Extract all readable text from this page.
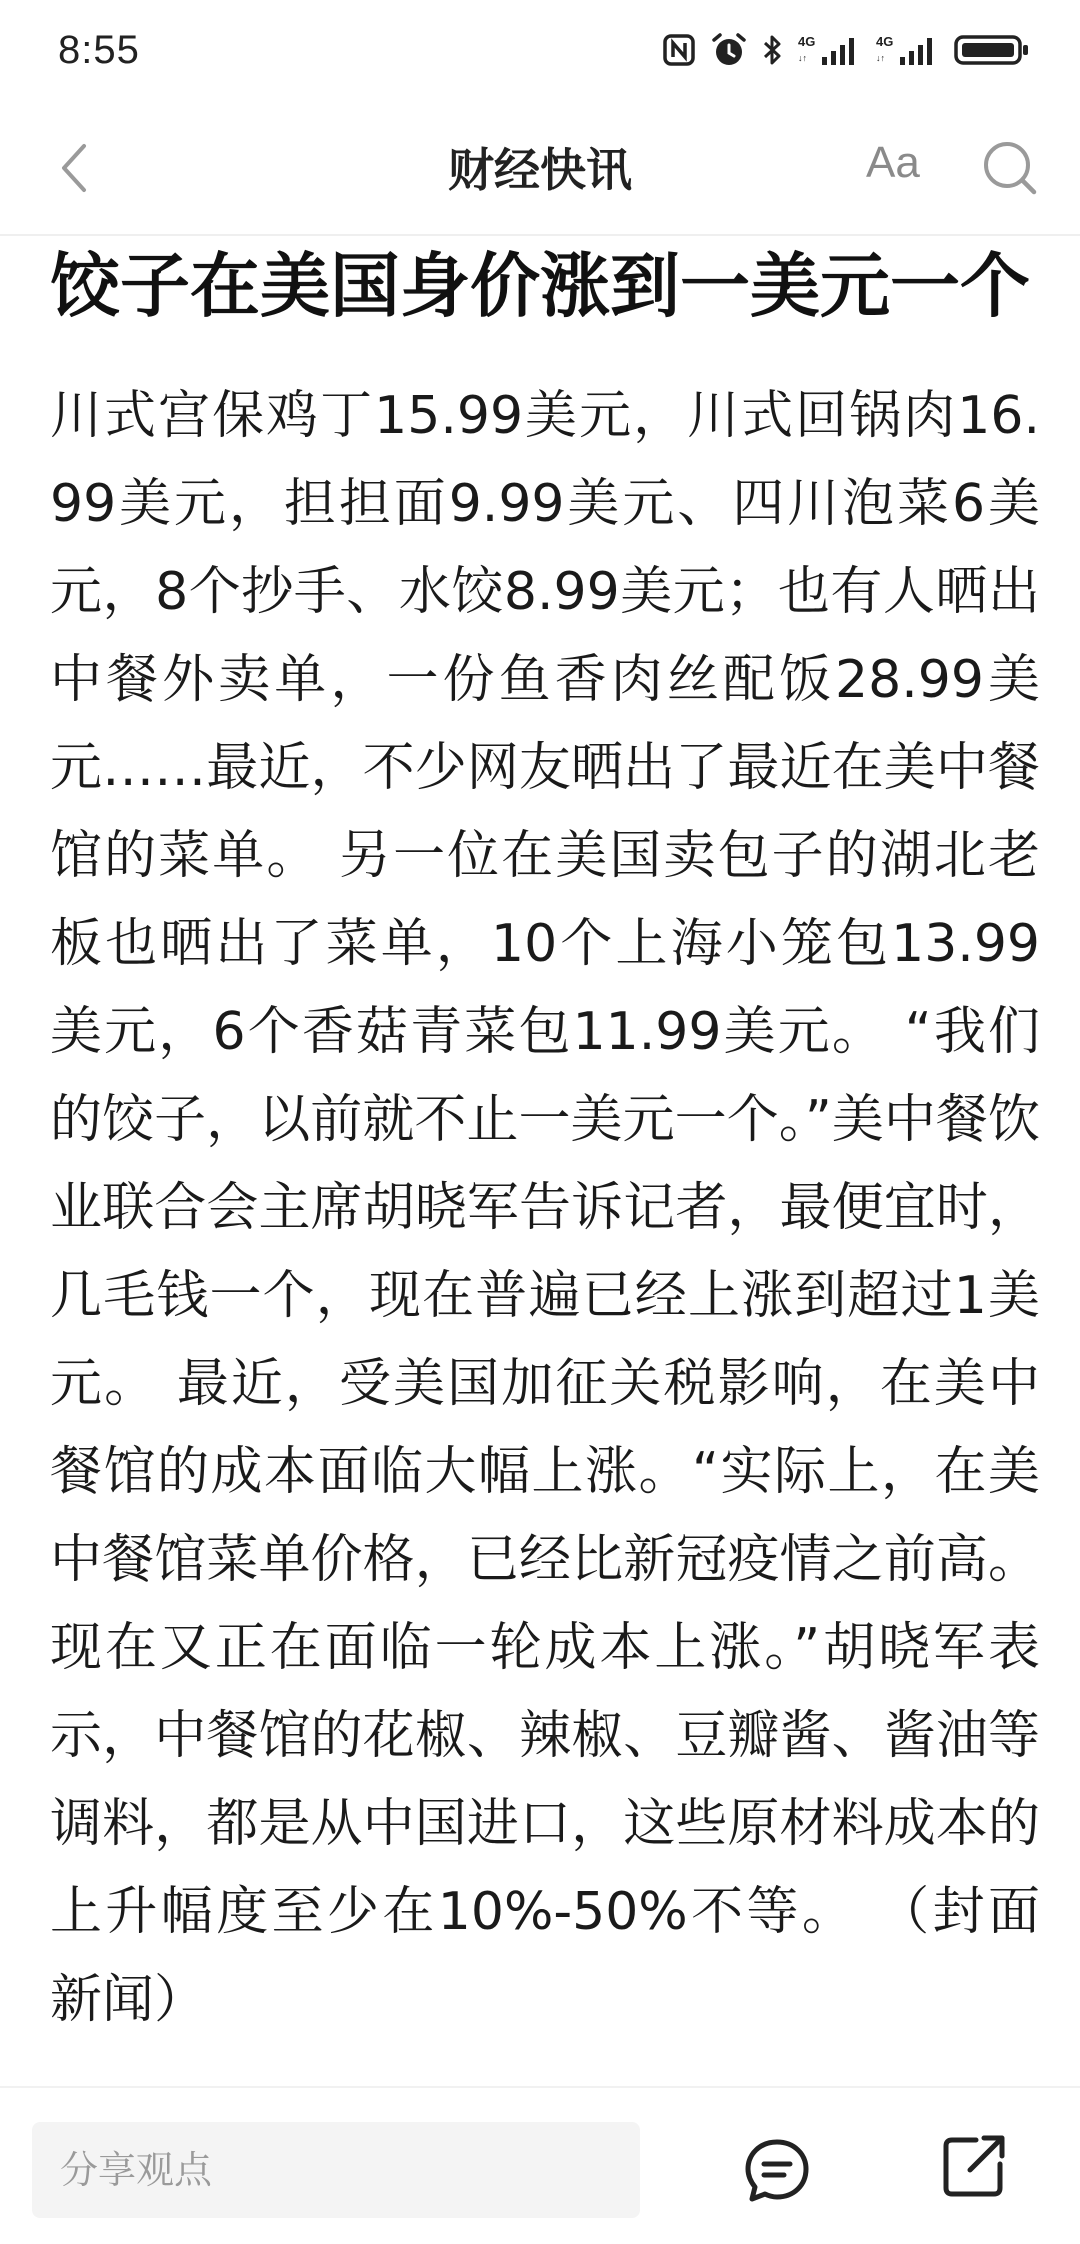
8:55	4G
↓↑
4G
↓↑
财经快讯	Aa
饺子在美国身价涨到一美元一个

川式宫保鸡丁15.99美元，川式回锅肉16.99美元，担担面9.99美元、四川泡菜6美元，8个抄手、水饺8.99美元；也有人晒出中餐外卖单，一份鱼香肉丝配饭28.99美元……最近，不少网友晒出了最近在美中餐馆的菜单。 另一位在美国卖包子的湖北老板也晒出了菜单，10个上海小笼包13.99美元，6个香菇青菜包11.99美元。 “我们的饺子，以前就不止一美元一个。”美中餐饮业联合会主席胡晓军告诉记者，最便宜时，几毛钱一个，现在普遍已经上涨到超过1美元。 最近，受美国加征关税影响，在美中餐馆的成本面临大幅上涨。“实际上，在美中餐馆菜单价格，已经比新冠疫情之前高。现在又正在面临一轮成本上涨。”胡晓军表示，中餐馆的花椒、辣椒、豆瓣酱、酱油等调料，都是从中国进口，这些原材料成本的上升幅度至少在10%-50%不等。 （封面新闻）

分享观点
